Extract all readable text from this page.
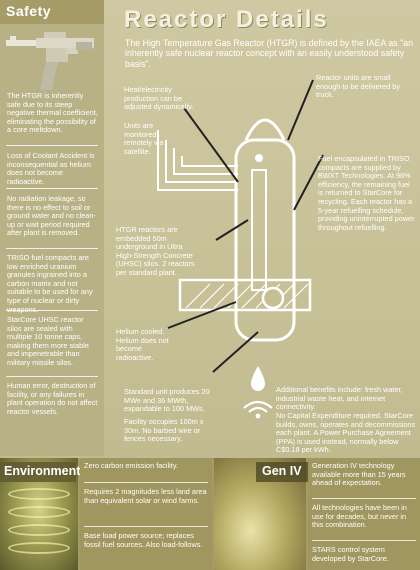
Safety
The HTGR is inherently safe due to its steep negative thermal coefficient, eliminating the possibility of a core meltdown.
Loss of Coolant Accident is inconsequential as helium does not become radioactive.
No radiation leakage, so there is no effect to soil or ground water and no clean-up or wait period required after plant is removed.
TRISO fuel compacts are low enriched uranium granules ingrained into a carbon matrix and not suitable to be used for any type of nuclear or dirty
StarCore UHSC reactor silos are sealed with multiple 10 tonne caps, making them more stable and impenetrable than military missile silos.
Human error, destruction of facility, or any failures in plant operation do not affect reactor vessels.
Reactor Details
The High Temperature Gas Reactor (HTGR) is defined by the IAEA as "an inherently safe nuclear reactor concept with an easily understood safety basis".
Heat/electricity production can be adjusted dynamically.
Units are monitored remotely via satellite.
Reactor units are small enough to be delivered by truck.
Fuel encapsulated in TRISO compacts are supplied by BWXT Technologies. At 96% efficiency, the remaining fuel is returned to StarCore for recycling. Each reactor has a 5-year refuelling schedule, providing uninterrupted power throughout refuelling.
HTGR reactors are embedded 50m underground in Ultra High-Strength Concrete (UHSC) silos. 2 reactors per standard plant.
Helium cooled. Helium does not become radioactive.
Standard unit produces 20 MWe and 36 MWth, expandable to 100 MWs.
Facility occupies 100m x 30m. No barbed wire or fences necessary.
Additional benefits include: fresh water, industrial waste heat, and internet connectivity.
No Capital Expenditure required. StarCore builds, owns, operates and decommissions each plant. A Power Purchase Agreement (PPA) is used instead, normally below C$0.18 per kWh.
Environment Zero carbon emission facility.
Requires 2 magnitudes less land area than equivalent solar or wind farms.
Base load power source; replaces fossil fuel sources. Also load-follows.
Gen IV Generation IV technology available more than 15 years ahead of expectation.
All technologies have been in use for decades, but never in this combination.
STARS control system developed by StarCore.
